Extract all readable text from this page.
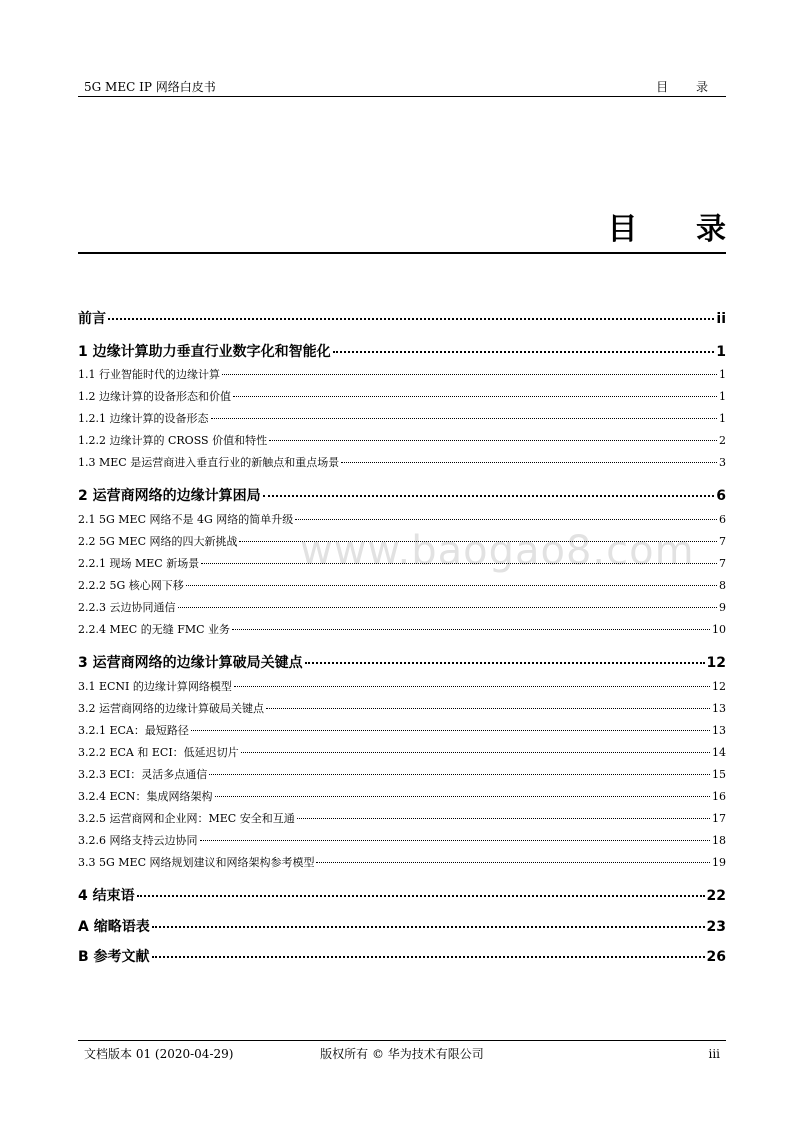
5G MEC IP 网络白皮书	目 录
目 录
www.baogao8.com
前言	ii
1 边缘计算助力垂直行业数字化和智能化	1
1.1 行业智能时代的边缘计算	1
1.2 边缘计算的设备形态和价值	1
1.2.1 边缘计算的设备形态	1
1.2.2 边缘计算的 CROSS 价值和特性	2
1.3 MEC 是运营商进入垂直行业的新触点和重点场景	3
2 运营商网络的边缘计算困局	6
2.1 5G MEC 网络不是 4G 网络的简单升级	6
2.2 5G MEC 网络的四大新挑战	7
2.2.1 现场 MEC 新场景	7
2.2.2 5G 核心网下移	8
2.2.3 云边协同通信	9
2.2.4 MEC 的无缝 FMC 业务	10
3 运营商网络的边缘计算破局关键点	12
3.1 ECNI 的边缘计算网络模型	12
3.2 运营商网络的边缘计算破局关键点	13
3.2.1 ECA：最短路径	13
3.2.2 ECA 和 ECI：低延迟切片	14
3.2.3 ECI：灵活多点通信	15
3.2.4 ECN：集成网络架构	16
3.2.5 运营商网和企业网：MEC 安全和互通	17
3.2.6 网络支持云边协同	18
3.3 5G MEC 网络规划建议和网络架构参考模型	19
4 结束语	22
A 缩略语表	23
B 参考文献	26
文档版本 01 (2020-04-29)	版权所有 © 华为技术有限公司	iii
